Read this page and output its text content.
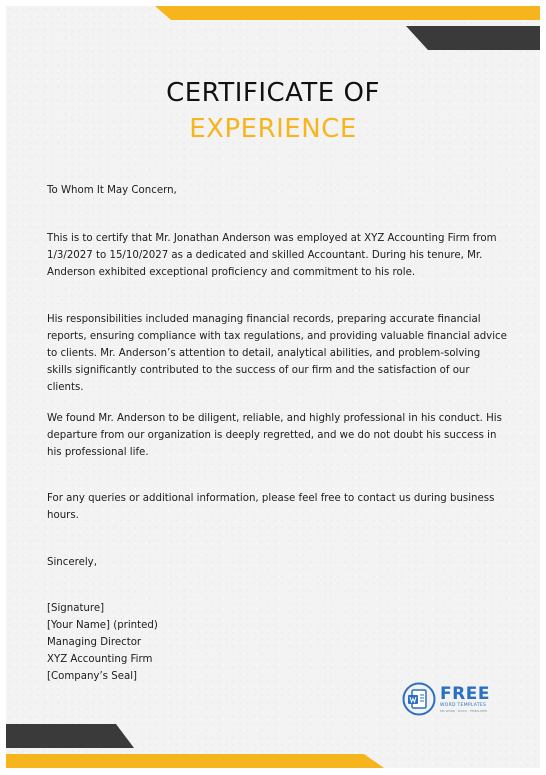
CERTIFICATE OF
EXPERIENCE
To Whom It May Concern,
This is to certify that Mr. Jonathan Anderson was employed at XYZ Accounting Firm from 1/3/2027 to 15/10/2027 as a dedicated and skilled Accountant. During his tenure, Mr. Anderson exhibited exceptional proficiency and commitment to his role.
His responsibilities included managing financial records, preparing accurate financial reports, ensuring compliance with tax regulations, and providing valuable financial advice to clients. Mr. Anderson’s attention to detail, analytical abilities, and problem-solving skills significantly contributed to the success of our firm and the satisfaction of our clients.
We found Mr. Anderson to be diligent, reliable, and highly professional in his conduct. His departure from our organization is deeply regretted, and we do not doubt his success in his professional life.
For any queries or additional information, please feel free to contact us during business hours.
Sincerely,
[Signature]
[Your Name] (printed)
Managing Director
XYZ Accounting Firm
[Company’s Seal]
FREE
WORD TEMPLATES
MS WORD · DOCX · TEMPLATES
